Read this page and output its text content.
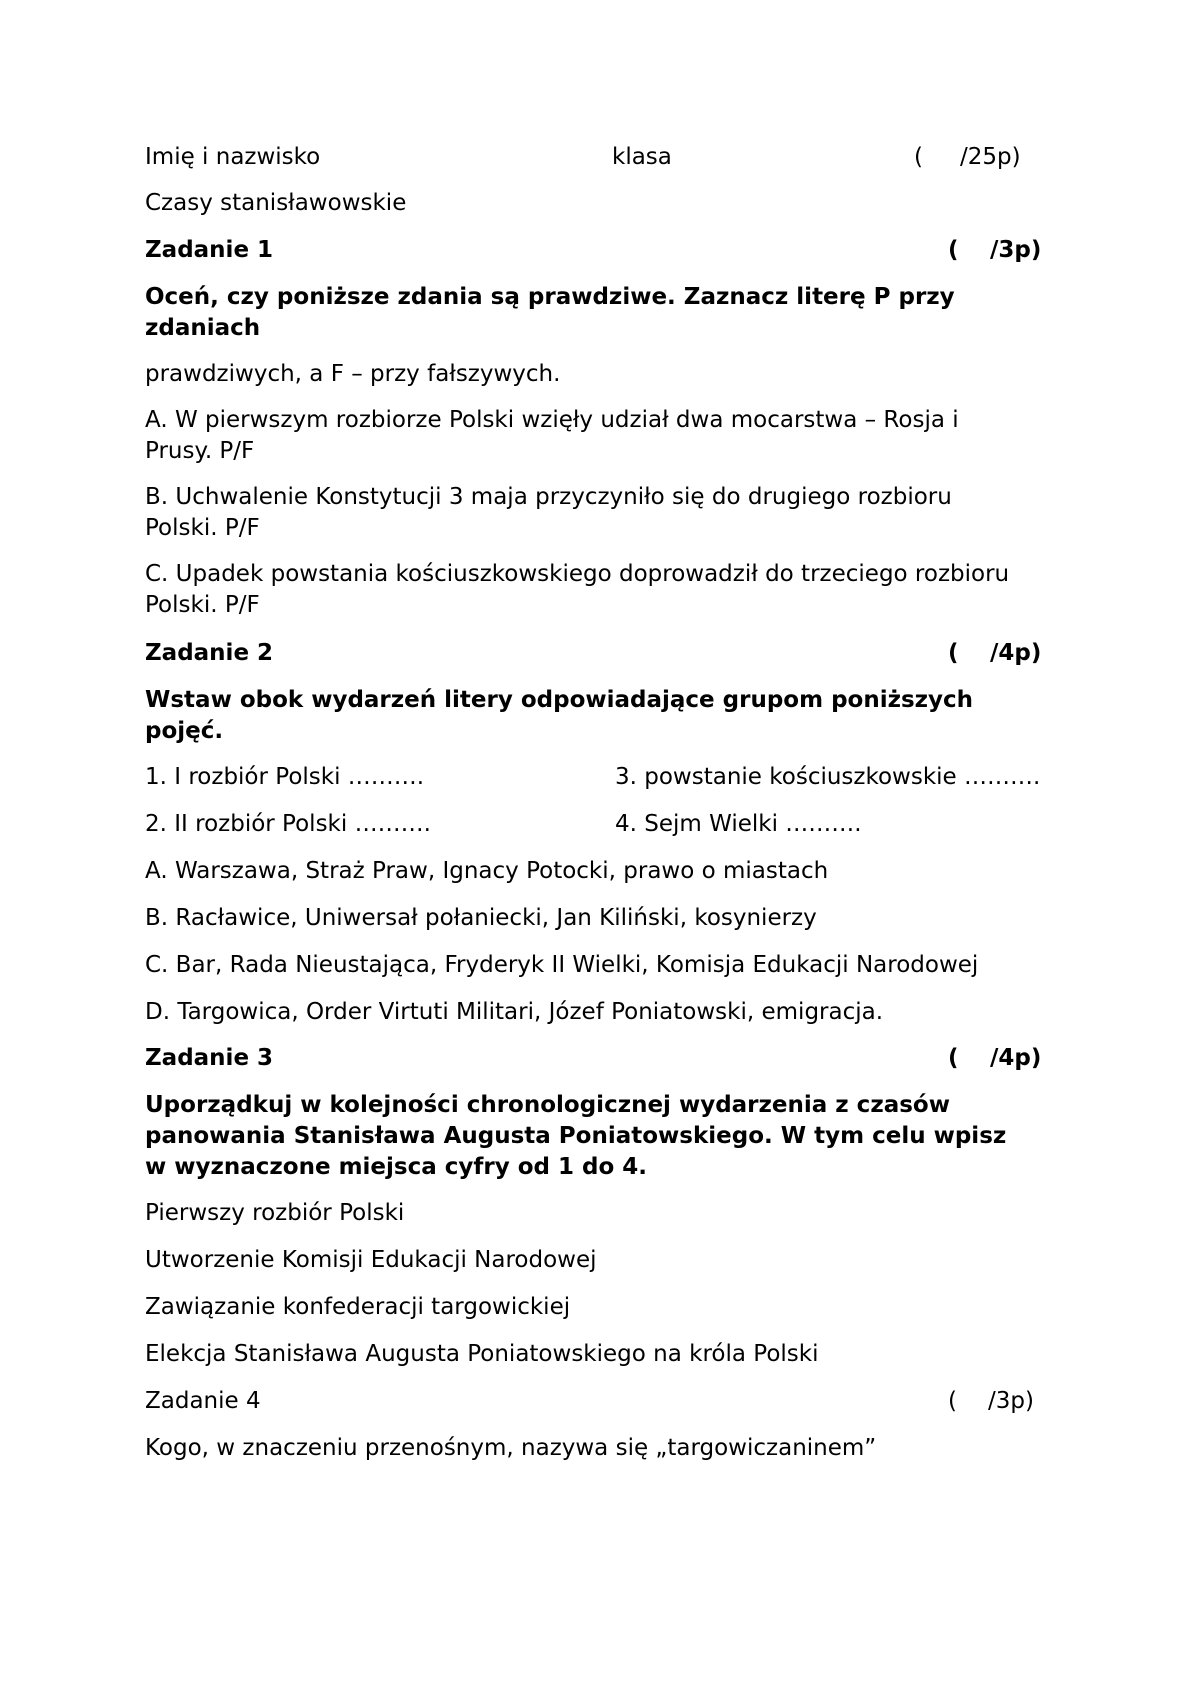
Imię i nazwisko	klasa	( /25p)
Czasy stanisławowskie
Zadanie 1	( /3p)
Oceń, czy poniższe zdania są prawdziwe. Zaznacz literę P przy
zdaniach
prawdziwych, a F – przy fałszywych.
A. W pierwszym rozbiorze Polski wzięły udział dwa mocarstwa – Rosja i
Prusy. P/F
B. Uchwalenie Konstytucji 3 maja przyczyniło się do drugiego rozbioru
Polski. P/F
C. Upadek powstania kościuszkowskiego doprowadził do trzeciego rozbioru
Polski. P/F
Zadanie 2	( /4p)
Wstaw obok wydarzeń litery odpowiadające grupom poniższych
pojęć.
1. I rozbiór Polski ……….	3. powstanie kościuszkowskie ……….
2. II rozbiór Polski ……….	4. Sejm Wielki ……….
A. Warszawa, Straż Praw, Ignacy Potocki, prawo o miastach
B. Racławice, Uniwersał połaniecki, Jan Kiliński, kosynierzy
C. Bar, Rada Nieustająca, Fryderyk II Wielki, Komisja Edukacji Narodowej
D. Targowica, Order Virtuti Militari, Józef Poniatowski, emigracja.
Zadanie 3	( /4p)
Uporządkuj w kolejności chronologicznej wydarzenia z czasów
panowania Stanisława Augusta Poniatowskiego. W tym celu wpisz
w wyznaczone miejsca cyfry od 1 do 4.
Pierwszy rozbiór Polski
Utworzenie Komisji Edukacji Narodowej
Zawiązanie konfederacji targowickiej
Elekcja Stanisława Augusta Poniatowskiego na króla Polski
Zadanie 4	( /3p)
Kogo, w znaczeniu przenośnym, nazywa się „targowiczaninem”
